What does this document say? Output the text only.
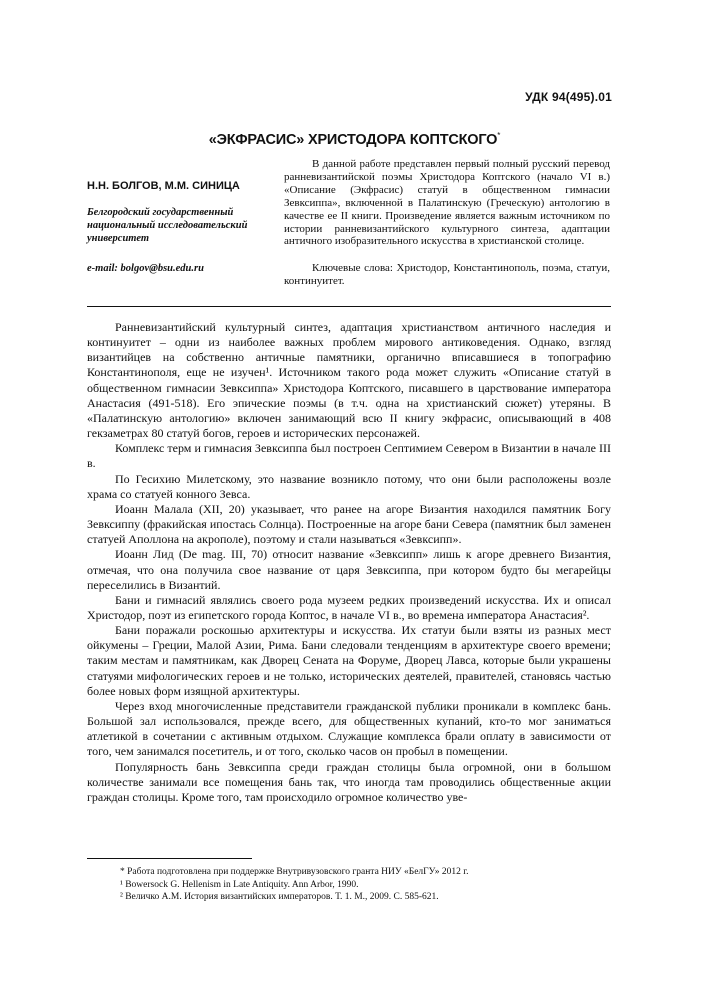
УДК 94(495).01
«ЭКФРАСИС» ХРИСТОДОРА КОПТСКОГО*

Н.Н. БОЛГОВ, М.М. СИНИЦА

Белгородский государственный национальный исследовательский университет

e-mail: bolgov@bsu.edu.ru

В данной работе представлен первый полный русский перевод ранневизантийской поэмы Христодора Коптского (начало VI в.) «Описание (Экфрасис) статуй в общественном гимнасии Зевксиппа», включенной в Палатинскую (Греческую) антологию в качестве ее II книги. Произведение является важным источником по истории ранневизантийского культурного синтеза, адаптации античного изобразительного искусства в христианской столице.

Ключевые слова: Христодор, Константинополь, поэма, статуи, континуитет.

Ранневизантийский культурный синтез, адаптация христианством античного наследия и континуитет – одни из наиболее важных проблем мирового антиковедения. Однако, взгляд византийцев на собственно античные памятники, органично вписавшиеся в топографию Константинополя, еще не изучен¹. Источником такого рода может служить «Описание статуй в общественном гимнасии Зевксиппа» Христодора Коптского, писавшего в царствование императора Анастасия (491-518). Его эпические поэмы (в т.ч. одна на христианский сюжет) утеряны. В «Палатинскую антологию» включен занимающий всю II книгу экфрасис, описывающий в 408 гекзаметрах 80 статуй богов, героев и исторических персонажей.

Комплекс терм и гимнасия Зевксиппа был построен Септимием Севером в Византии в начале III в.

По Гесихию Милетскому, это название возникло потому, что они были расположены возле храма со статуей конного Зевса.

Иоанн Малала (XII, 20) указывает, что ранее на агоре Византия находился памятник Богу Зевксиппу (фракийская ипостась Солнца). Построенные на агоре бани Севера (памятник был заменен статуей Аполлона на акрополе), поэтому и стали называться «Зевксипп».

Иоанн Лид (De mag. III, 70) относит название «Зевксипп» лишь к агоре древнего Византия, отмечая, что она получила свое название от царя Зевксиппа, при котором будто бы мегарейцы переселились в Византий.

Бани и гимнасий являлись своего рода музеем редких произведений искусства. Их и описал Христодор, поэт из египетского города Коптос, в начале VI в., во времена императора Анастасия².

Бани поражали роскошью архитектуры и искусства. Их статуи были взяты из разных мест ойкумены – Греции, Малой Азии, Рима. Бани следовали тенденциям в архитектуре своего времени; таким местам и памятникам, как Дворец Сената на Форуме, Дворец Лавса, которые были украшены статуями мифологических героев и не только, исторических деятелей, правителей, становясь частью более новых форм изящной архитектуры.

Через вход многочисленные представители гражданской публики проникали в комплекс бань. Большой зал использовался, прежде всего, для общественных купаний, кто-то мог заниматься атлетикой в сочетании с активным отдыхом. Служащие комплекса брали оплату в зависимости от того, чем занимался посетитель, и от того, сколько часов он пробыл в помещении.

Популярность бань Зевксиппа среди граждан столицы была огромной, они в большом количестве занимали все помещения бань так, что иногда там проводились общественные акции граждан столицы. Кроме того, там происходило огромное количество уве-

* Работа подготовлена при поддержке Внутривузовского гранта НИУ «БелГУ» 2012 г.
¹ Bowersock G. Hellenism in Late Antiquity. Ann Arbor, 1990.
² Величко А.М. История византийских императоров. Т. 1. М., 2009. С. 585-621.
